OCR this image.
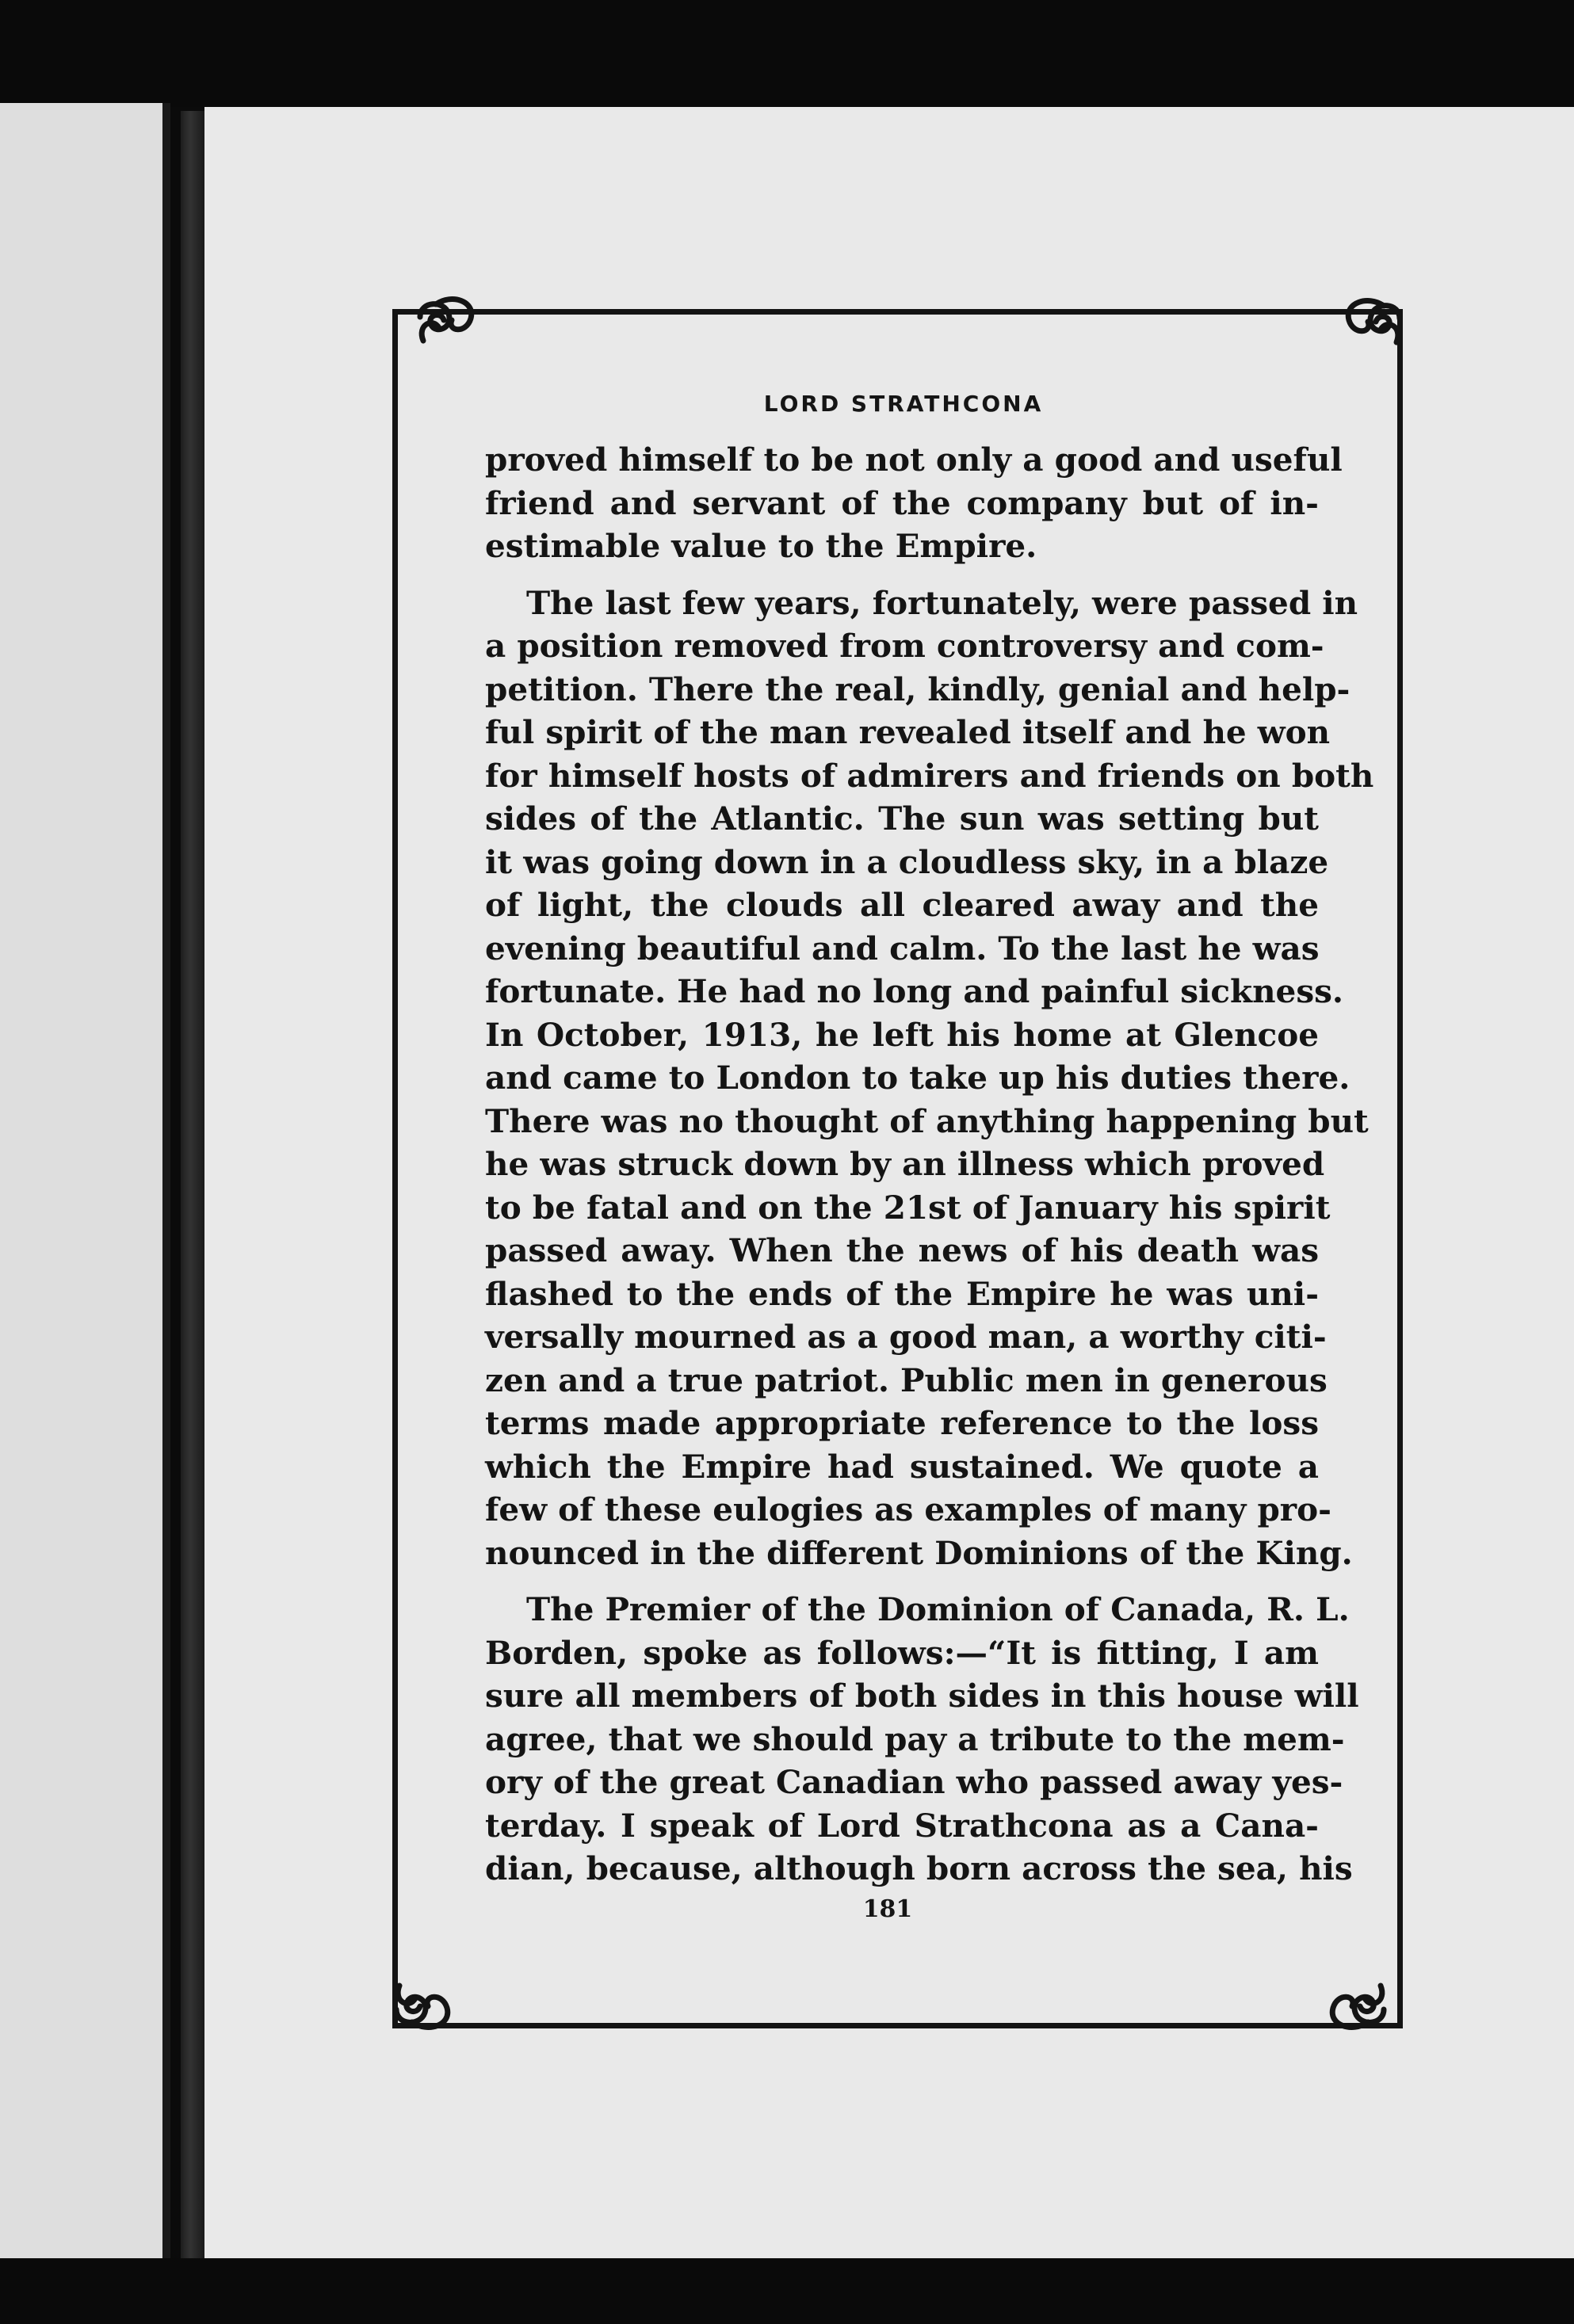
LORD STRATHCONA
proved himself to be not only a good and useful
friend and servant of the company but of in-
estimable value to the Empire.
The last few years, fortunately, were passed in
a position removed from controversy and com-
petition. There the real, kindly, genial and help-
ful spirit of the man revealed itself and he won
for himself hosts of admirers and friends on both
sides of the Atlantic. The sun was setting but
it was going down in a cloudless sky, in a blaze
of light, the clouds all cleared away and the
evening beautiful and calm. To the last he was
fortunate. He had no long and painful sickness.
In October, 1913, he left his home at Glencoe
and came to London to take up his duties there.
There was no thought of anything happening but
he was struck down by an illness which proved
to be fatal and on the 21st of January his spirit
passed away. When the news of his death was
flashed to the ends of the Empire he was uni-
versally mourned as a good man, a worthy citi-
zen and a true patriot. Public men in generous
terms made appropriate reference to the loss
which the Empire had sustained. We quote a
few of these eulogies as examples of many pro-
nounced in the different Dominions of the King.
The Premier of the Dominion of Canada, R. L.
Borden, spoke as follows:—“It is fitting, I am
sure all members of both sides in this house will
agree, that we should pay a tribute to the mem-
ory of the great Canadian who passed away yes-
terday. I speak of Lord Strathcona as a Cana-
dian, because, although born across the sea, his
181
